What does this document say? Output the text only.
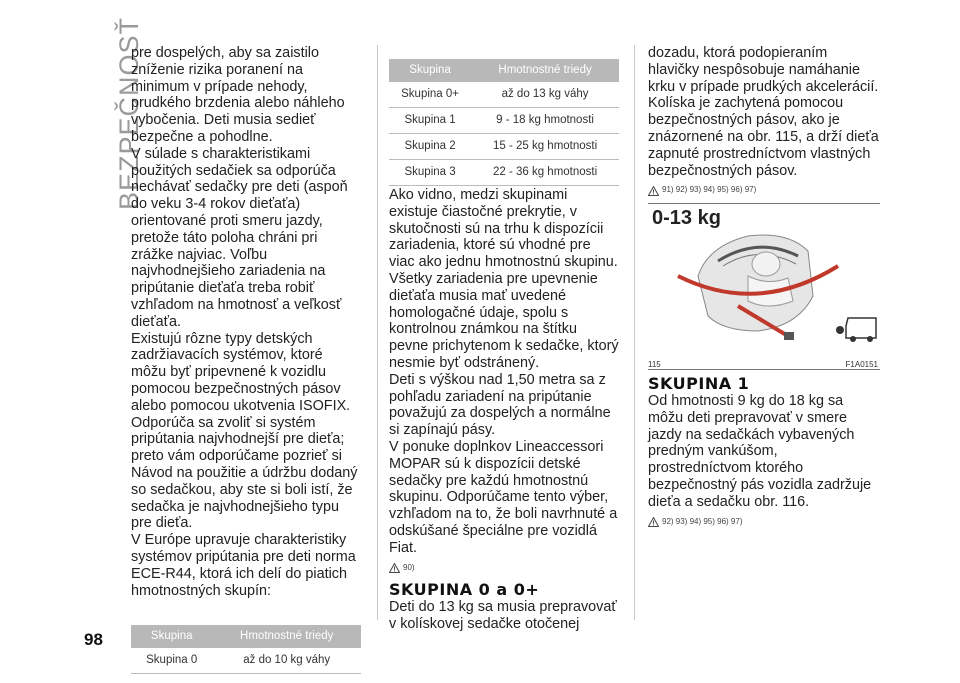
BEZPEČNOSŤ

pre dospelých, aby sa zaistilo zníženie rizika poranení na minimum v prípade nehody, prudkého brzdenia alebo náhleho vybočenia. Deti musia sedieť bezpečne a pohodlne.

V súlade s charakteristikami použitých sedačiek sa odporúča nechávať sedačky pre deti (aspoň do veku 3-4 rokov dieťaťa) orientované proti smeru jazdy, pretože táto poloha chráni pri zrážke najviac. Voľbu najvhodnejšieho zariadenia na pripútanie dieťaťa treba robiť vzhľadom na hmotnosť a veľkosť dieťaťa.

Existujú rôzne typy detských zadržiavacích systémov, ktoré môžu byť pripevnené k vozidlu pomocou bezpečnostných pásov alebo pomocou ukotvenia ISOFIX. Odporúča sa zvoliť si systém pripútania najvhodnejší pre dieťa; preto vám odporúčame pozrieť si Návod na použitie a údržbu dodaný so sedačkou, aby ste si boli istí, že sedačka je najvhodnejšieho typu pre dieťa.

V Európe upravuje charakteristiky systémov pripútania pre deti norma ECE-R44, ktorá ich delí do piatich hmotnostných skupín:

Skupina	Hmotnostné triedy
Skupina 0	až do 10 kg váhy
Skupina	Hmotnostné triedy
Skupina 0+	až do 13 kg váhy
Skupina 1	9 - 18 kg hmotnosti
Skupina 2	15 - 25 kg hmotnosti
Skupina 3	22 - 36 kg hmotnosti

Ako vidno, medzi skupinami existuje čiastočné prekrytie, v skutočnosti sú na trhu k dispozícii zariadenia, ktoré sú vhodné pre viac ako jednu hmotnostnú skupinu.

Všetky zariadenia pre upevnenie dieťaťa musia mať uvedené homologačné údaje, spolu s kontrolnou známkou na štítku pevne prichytenom k sedačke, ktorý nesmie byť odstránený.

Deti s výškou nad 1,50 metra sa z pohľadu zariadení na pripútanie považujú za dospelých a normálne si zapínajú pásy.

V ponuke doplnkov Lineaccessori MOPAR sú k dispozícii detské sedačky pre každú hmotnostnú skupinu. Odporúčame tento výber, vzhľadom na to, že boli navrhnuté a odskúšané špeciálne pre vozidlá Fiat.

90)
SKUPINA 0 a 0+

Deti do 13 kg sa musia prepravovať v kolískovej sedačke otočenej

dozadu, ktorá podopieraním hlavičky nespôsobuje namáhanie krku v prípade prudkých akcelerácií.

Kolíska je zachytená pomocou bezpečnostných pásov, ako je znázornené na obr. 115, a drží dieťa zapnuté prostredníctvom vlastných bezpečnostných pásov.

91) 92) 93) 94) 95) 96) 97)
0-13 kg
115	F1A0151
SKUPINA 1

Od hmotnosti 9 kg do 18 kg sa môžu deti prepravovať v smere jazdy na sedačkách vybavených predným vankúšom, prostredníctvom ktorého bezpečnostný pás vozidla zadržuje dieťa a sedačku obr. 116.

92) 93) 94) 95) 96) 97)
98
